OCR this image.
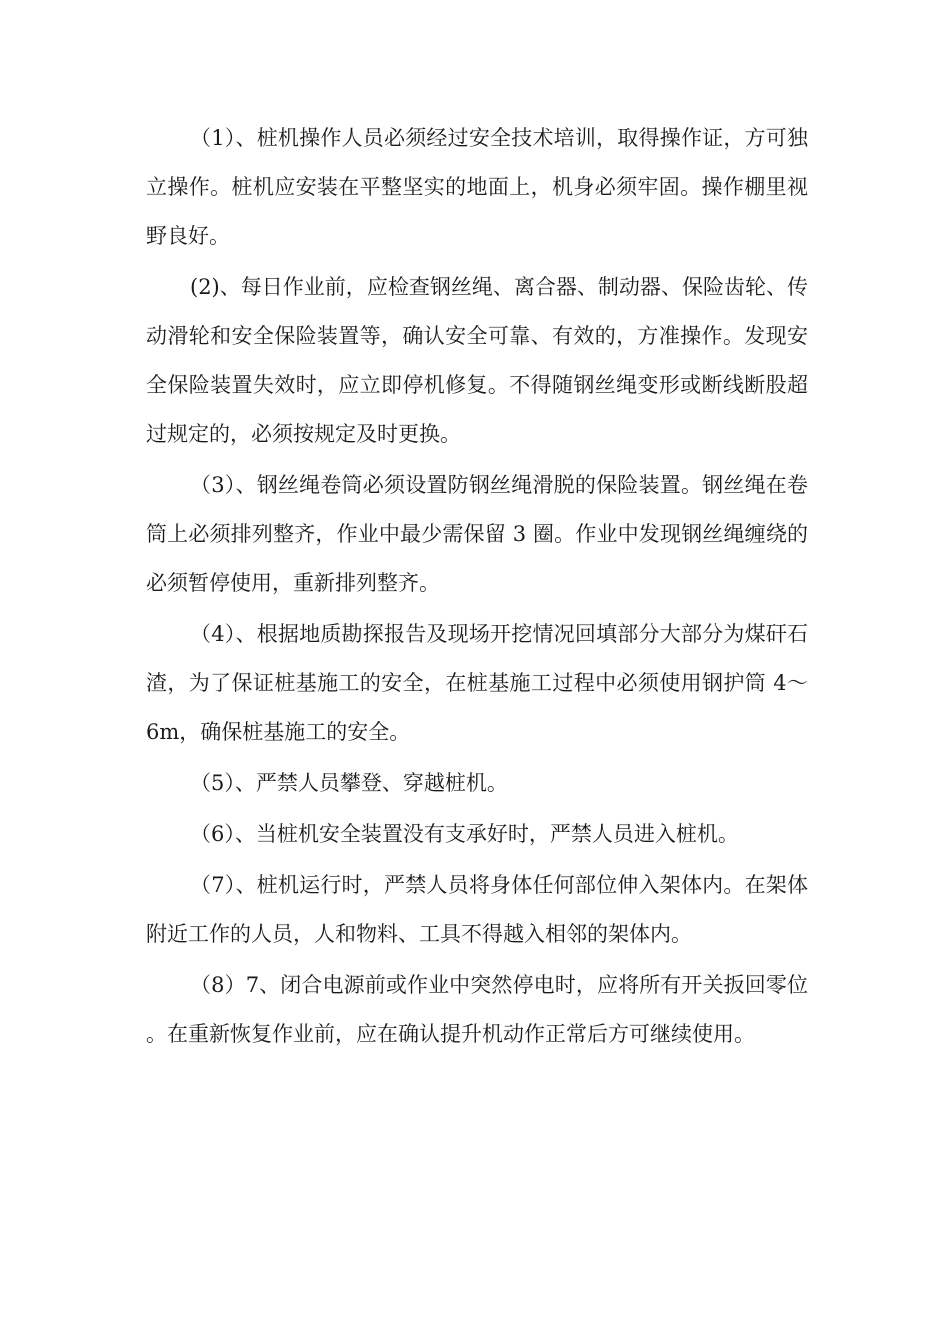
（1）、桩机操作人员必须经过安全技术培训，取得操作证，方可独立操作。桩机应安装在平整坚实的地面上，机身必须牢固。操作棚里视野良好。

(2)、每日作业前，应检查钢丝绳、离合器、制动器、保险齿轮、传动滑轮和安全保险装置等，确认安全可靠、有效的，方准操作。发现安全保险装置失效时，应立即停机修复。不得随钢丝绳变形或断线断股超过规定的，必须按规定及时更换。

（3）、钢丝绳卷筒必须设置防钢丝绳滑脱的保险装置。钢丝绳在卷筒上必须排列整齐，作业中最少需保留 3 圈。作业中发现钢丝绳缠绕的必须暂停使用，重新排列整齐。

（4）、根据地质勘探报告及现场开挖情况回填部分大部分为煤矸石渣，为了保证桩基施工的安全，在桩基施工过程中必须使用钢护筒 4～6m，确保桩基施工的安全。

（5）、严禁人员攀登、穿越桩机。

（6）、当桩机安全装置没有支承好时，严禁人员进入桩机。

（7）、桩机运行时，严禁人员将身体任何部位伸入架体内。在架体附近工作的人员，人和物料、工具不得越入相邻的架体内。

（8）7、闭合电源前或作业中突然停电时，应将所有开关扳回零位。在重新恢复作业前，应在确认提升机动作正常后方可继续使用。
